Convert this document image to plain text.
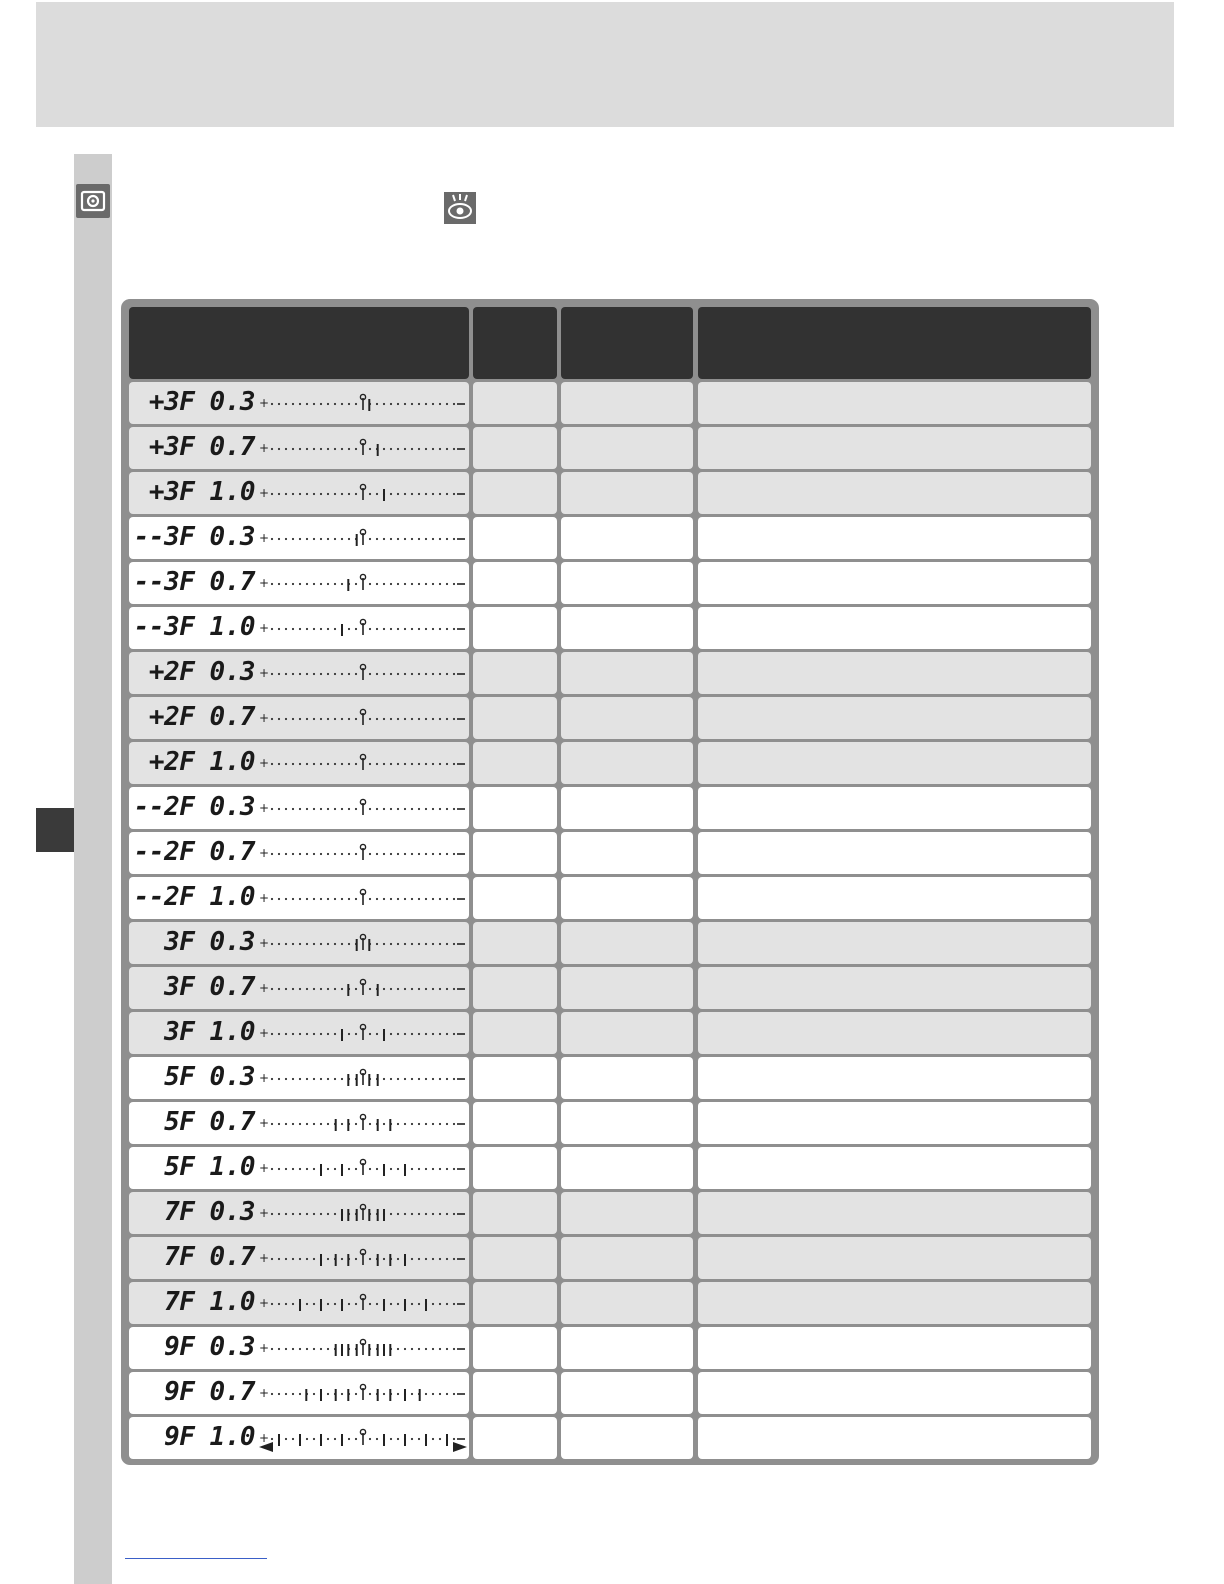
+3F 0.3 +
+3F 0.7 +
+3F 1.0 +
--3F 0.3 +
--3F 0.7 +
--3F 1.0 +
+2F 0.3 +
+2F 0.7 +
+2F 1.0 +
--2F 0.3 +
--2F 0.7 +
--2F 1.0 +
3F 0.3 +
3F 0.7 +
3F 1.0 +
5F 0.3 +
5F 0.7 +
5F 1.0 +
7F 0.3 +
7F 0.7 +
7F 1.0 +
9F 0.3 +
9F 0.7 +
9F 1.0 +
